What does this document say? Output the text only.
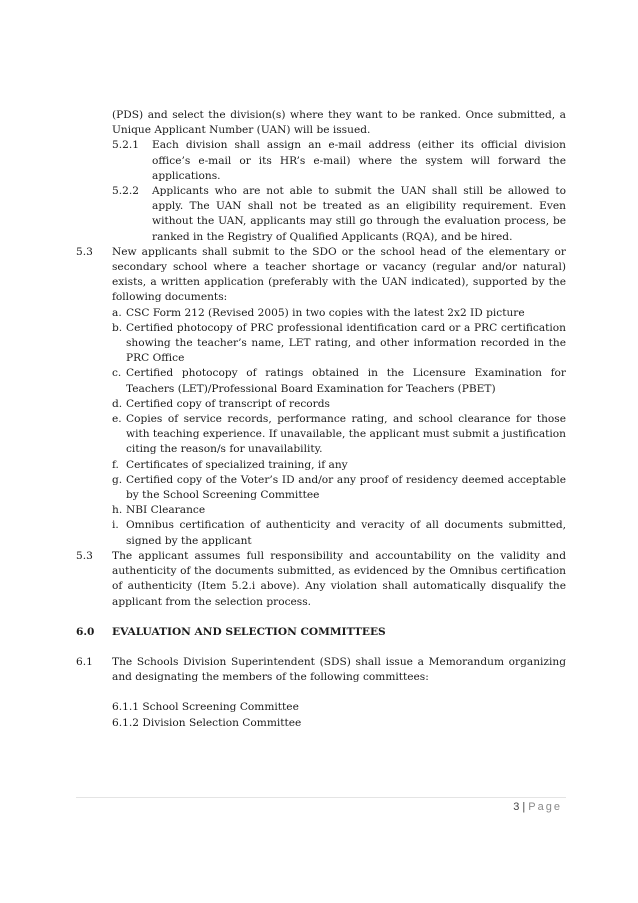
(PDS) and select the division(s) where they want to be ranked. Once submitted, a Unique Applicant Number (UAN) will be issued.
5.2.1	Each division shall assign an e-mail address (either its official division office’s e-mail or its HR’s e-mail) where the system will forward the applications.
5.2.2	Applicants who are not able to submit the UAN shall still be allowed to apply. The UAN shall not be treated as an eligibility requirement. Even without the UAN, applicants may still go through the evaluation process, be ranked in the Registry of Qualified Applicants (RQA), and be hired.
5.3	New applicants shall submit to the SDO or the school head of the elementary or secondary school where a teacher shortage or vacancy (regular and/or natural) exists, a written application (preferably with the UAN indicated), supported by the following documents:
a. CSC Form 212 (Revised 2005) in two copies with the latest 2x2 ID picture
b. Certified photocopy of PRC professional identification card or a PRC certification showing the teacher’s name, LET rating, and other information recorded in the PRC Office
c. Certified photocopy of ratings obtained in the Licensure Examination for Teachers (LET)/Professional Board Examination for Teachers (PBET)
d. Certified copy of transcript of records
e. Copies of service records, performance rating, and school clearance for those with teaching experience. If unavailable, the applicant must submit a justification citing the reason/s for unavailability.
f. Certificates of specialized training, if any
g. Certified copy of the Voter’s ID and/or any proof of residency deemed acceptable by the School Screening Committee
h. NBI Clearance
i. Omnibus certification of authenticity and veracity of all documents submitted, signed by the applicant
5.3	The applicant assumes full responsibility and accountability on the validity and authenticity of the documents submitted, as evidenced by the Omnibus certification of authenticity (Item 5.2.i above). Any violation shall automatically disqualify the applicant from the selection process.
6.0	EVALUATION AND SELECTION COMMITTEES
6.1	The Schools Division Superintendent (SDS) shall issue a Memorandum organizing and designating the members of the following committees:
6.1.1 School Screening Committee
6.1.2 Division Selection Committee
3 | Page
